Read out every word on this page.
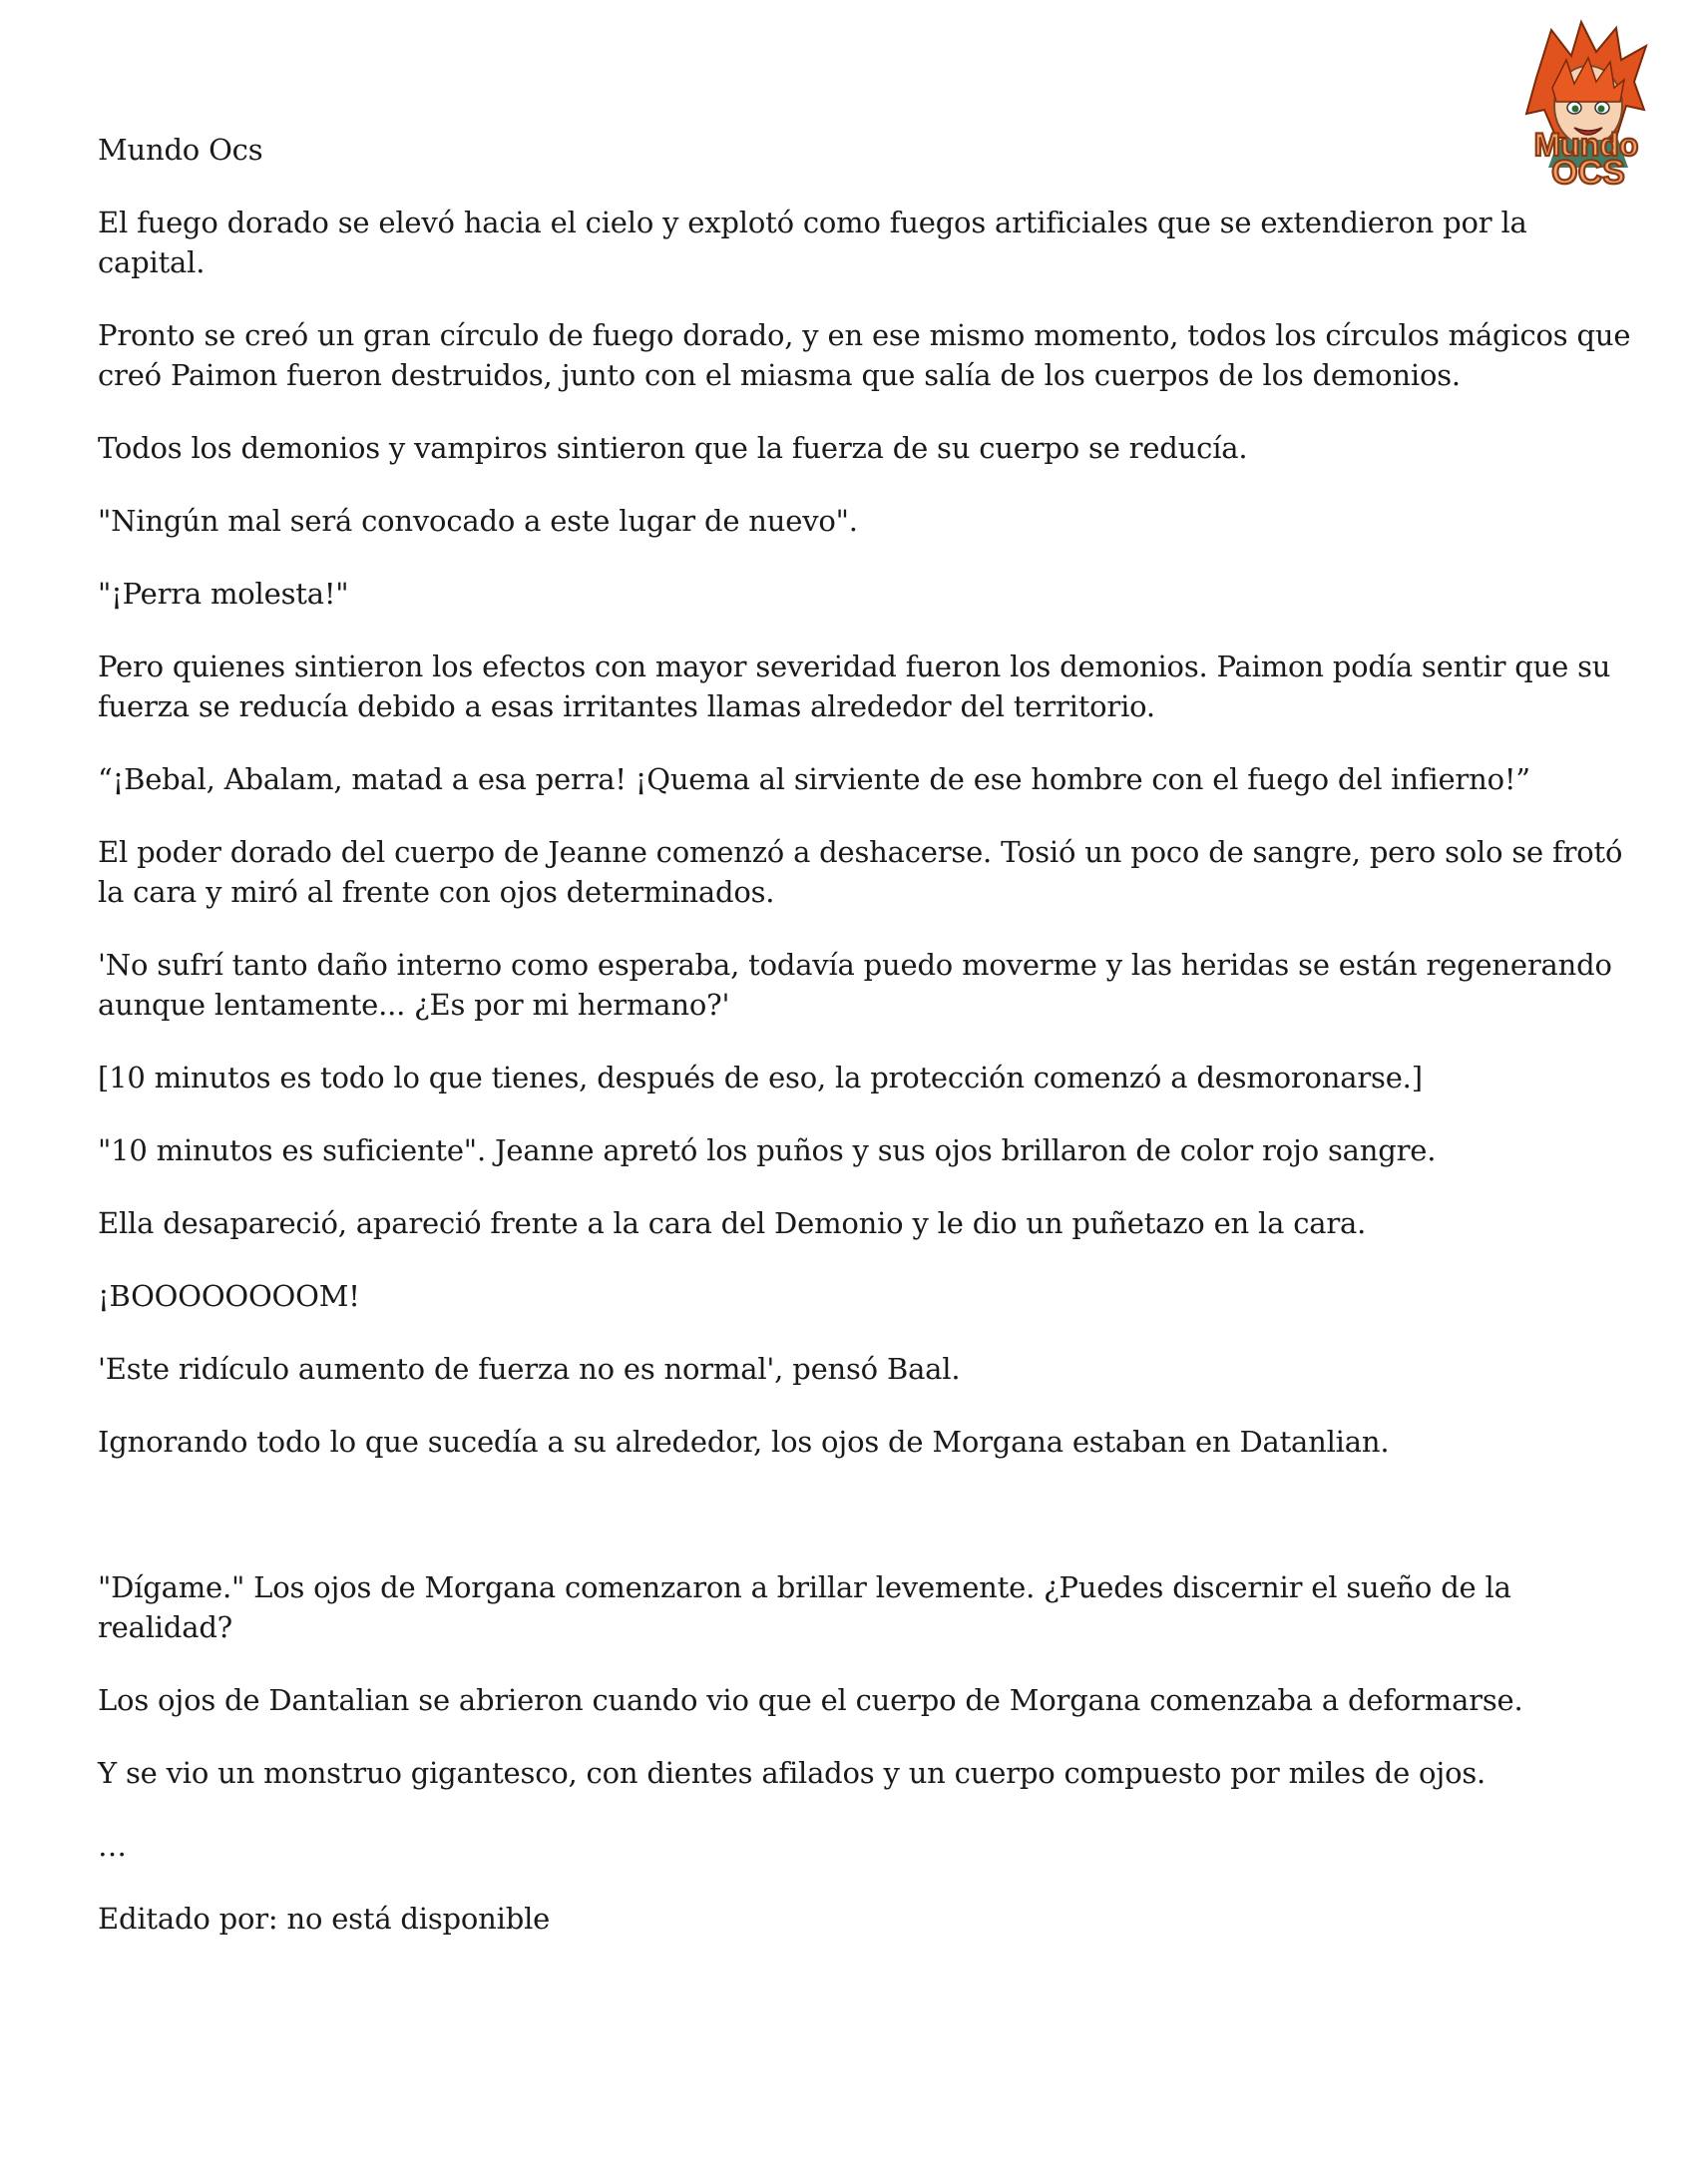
Mundo
OCS

Mundo Ocs

El fuego dorado se elevó hacia el cielo y explotó como fuegos artificiales que se extendieron por la capital.

Pronto se creó un gran círculo de fuego dorado, y en ese mismo momento, todos los círculos mágicos que creó Paimon fueron destruidos, junto con el miasma que salía de los cuerpos de los demonios.

Todos los demonios y vampiros sintieron que la fuerza de su cuerpo se reducía.

"Ningún mal será convocado a este lugar de nuevo".

"¡Perra molesta!"

Pero quienes sintieron los efectos con mayor severidad fueron los demonios. Paimon podía sentir que su fuerza se reducía debido a esas irritantes llamas alrededor del territorio.

“¡Bebal, Abalam, matad a esa perra! ¡Quema al sirviente de ese hombre con el fuego del infierno!”

El poder dorado del cuerpo de Jeanne comenzó a deshacerse. Tosió un poco de sangre, pero solo se frotó la cara y miró al frente con ojos determinados.

'No sufrí tanto daño interno como esperaba, todavía puedo moverme y las heridas se están regenerando aunque lentamente... ¿Es por mi hermano?'

[10 minutos es todo lo que tienes, después de eso, la protección comenzó a desmoronarse.]

"10 minutos es suficiente". Jeanne apretó los puños y sus ojos brillaron de color rojo sangre.

Ella desapareció, apareció frente a la cara del Demonio y le dio un puñetazo en la cara.

¡BOOOOOOOOM!

'Este ridículo aumento de fuerza no es normal', pensó Baal.

Ignorando todo lo que sucedía a su alrededor, los ojos de Morgana estaban en Datanlian.

"Dígame." Los ojos de Morgana comenzaron a brillar levemente. ¿Puedes discernir el sueño de la realidad?

Los ojos de Dantalian se abrieron cuando vio que el cuerpo de Morgana comenzaba a deformarse.

Y se vio un monstruo gigantesco, con dientes afilados y un cuerpo compuesto por miles de ojos.

…

Editado por: no está disponible
